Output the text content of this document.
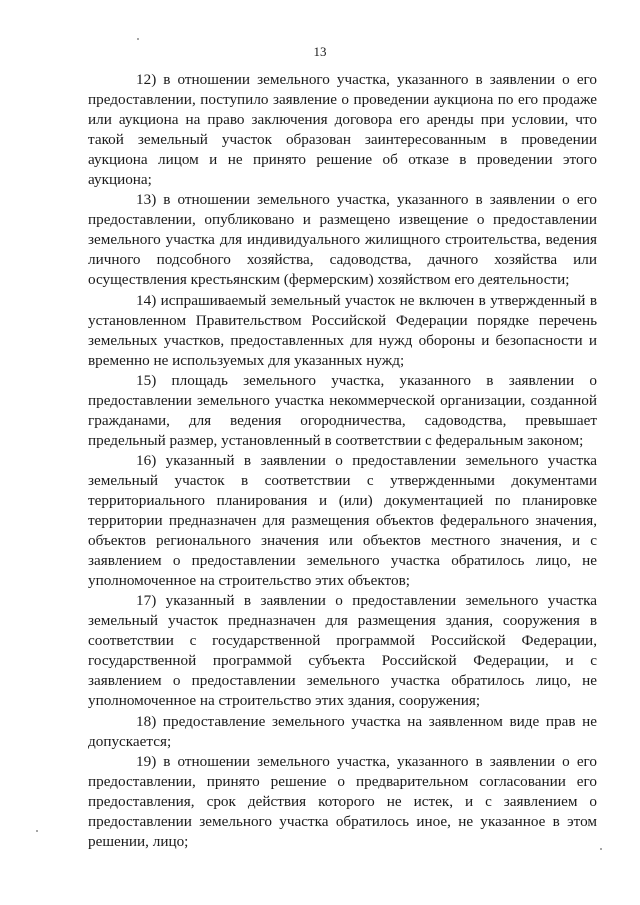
13

12) в отношении земельного участка, указанного в заявлении о его предоставлении, поступило заявление о проведении аукциона по его продаже или аукциона на право заключения договора его аренды при условии, что такой земельный участок образован заинтересованным в проведении аукциона лицом и не принято решение об отказе в проведении этого аукциона;

13) в отношении земельного участка, указанного в заявлении о его предоставлении, опубликовано и размещено извещение о предоставлении земельного участка для индивидуального жилищного строительства, ведения личного подсобного хозяйства, садоводства, дачного хозяйства или осуществления крестьянским (фермерским) хозяйством его деятельности;

14) испрашиваемый земельный участок не включен в утвержденный в установленном Правительством Российской Федерации порядке перечень земельных участков, предоставленных для нужд обороны и безопасности и временно не используемых для указанных нужд;

15) площадь земельного участка, указанного в заявлении о предоставлении земельного участка некоммерческой организации, созданной гражданами, для ведения огородничества, садоводства, превышает предельный размер, установленный в соответствии с федеральным законом;

16) указанный в заявлении о предоставлении земельного участка земельный участок в соответствии с утвержденными документами территориального планирования и (или) документацией по планировке территории предназначен для размещения объектов федерального значения, объектов регионального значения или объектов местного значения, и с заявлением о предоставлении земельного участка обратилось лицо, не уполномоченное на строительство этих объектов;

17) указанный в заявлении о предоставлении земельного участка земельный участок предназначен для размещения здания, сооружения в соответствии с государственной программой Российской Федерации, государственной программой субъекта Российской Федерации, и с заявлением о предоставлении земельного участка обратилось лицо, не уполномоченное на строительство этих здания, сооружения;

18) предоставление земельного участка на заявленном виде прав не допускается;

19) в отношении земельного участка, указанного в заявлении о его предоставлении, принято решение о предварительном согласовании его предоставления, срок действия которого не истек, и с заявлением о предоставлении земельного участка обратилось иное, не указанное в этом решении, лицо;
